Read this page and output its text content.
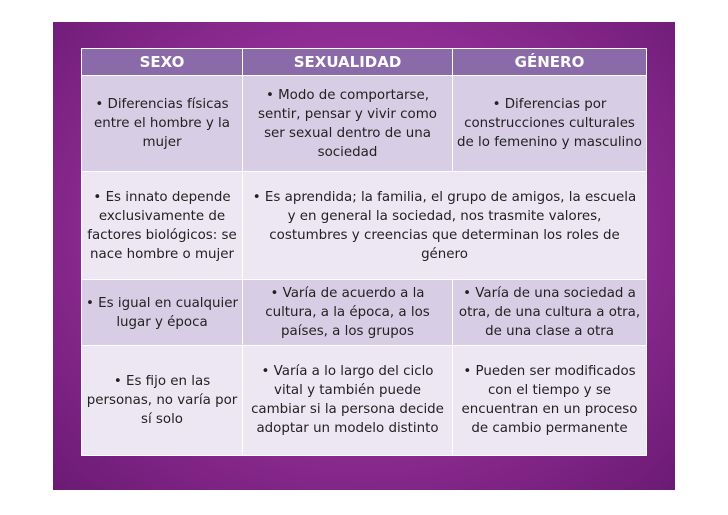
SEXO	SEXUALIDAD	GÉNERO
• Diferencias físicas entre el hombre y la mujer	• Modo de comportarse, sentir, pensar y vivir como ser sexual dentro de una sociedad	• Diferencias por construcciones culturales de lo femenino y masculino
• Es innato depende exclusivamente de factores biológicos: se nace hombre o mujer	• Es aprendida; la familia, el grupo de amigos, la escuela y en general la sociedad, nos trasmite valores, costumbres y creencias que determinan los roles de género	
• Es igual en cualquier lugar y época	• Varía de acuerdo a la cultura, a la época, a los países, a los grupos	• Varía de una sociedad a otra, de una cultura a otra, de una clase a otra
• Es fijo en las personas, no varía por sí solo	• Varía a lo largo del ciclo vital y también puede cambiar si la persona decide adoptar un modelo distinto	• Pueden ser modificados con el tiempo y se encuentran en un proceso de cambio permanente
